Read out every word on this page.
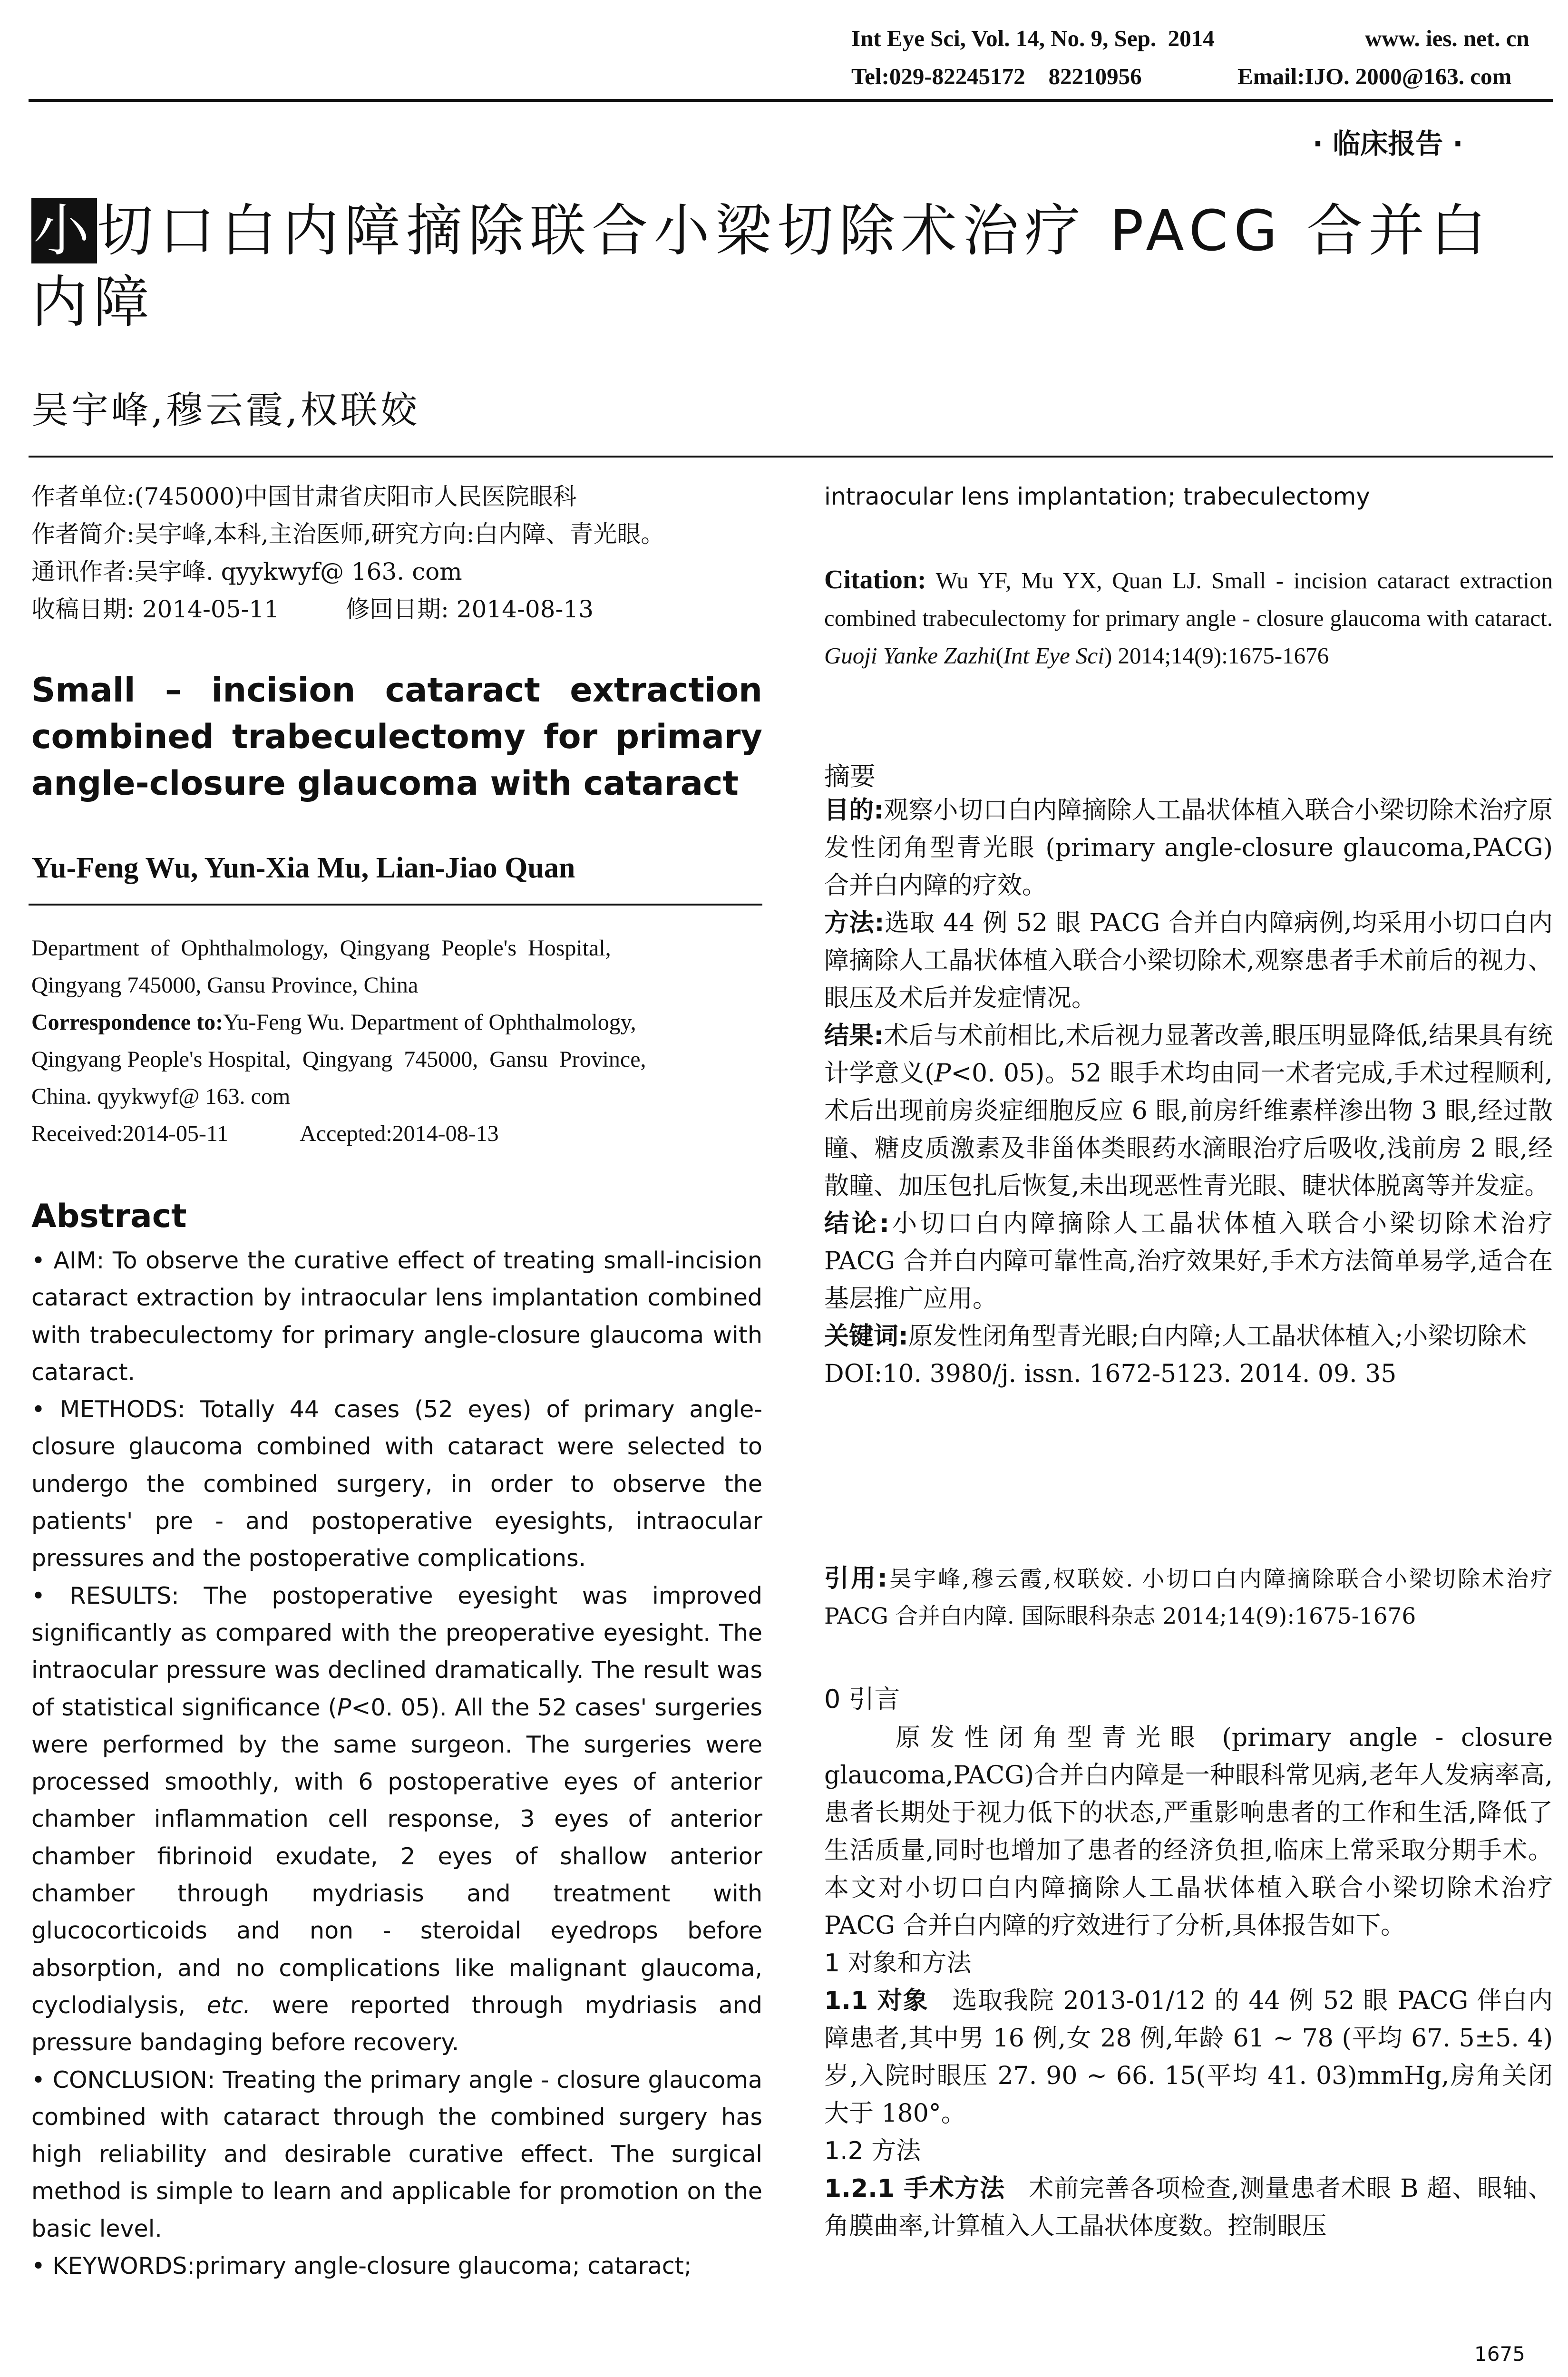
Int Eye Sci, Vol. 14, No. 9, Sep.  2014	www. ies. net. cn
Tel:029-82245172    82210956	Email:IJO. 2000@163. com
· 临床报告 ·
小切口白内障摘除联合小梁切除术治疗 PACG 合并白内障
吴宇峰,穆云霞,权联姣
作者单位:(745000)中国甘肃省庆阳市人民医院眼科
作者简介:吴宇峰,本科,主治医师,研究方向:白内障、青光眼。
通讯作者:吴宇峰. qyykwyf@ 163. com
收稿日期: 2014-05-11	修回日期: 2014-08-13
Small – incision cataract extraction
combined trabeculectomy for primary
angle-closure glaucoma with cataract
Yu-Feng Wu, Yun-Xia Mu, Lian-Jiao Quan
Department  of  Ophthalmology,  Qingyang  People's  Hospital,
Qingyang 745000, Gansu Province, China
Correspondence to:Yu-Feng Wu. Department of Ophthalmology,
Qingyang People's Hospital,  Qingyang  745000,  Gansu  Province,
China. qyykwyf@ 163. com
Received:2014-05-11	Accepted:2014-08-13
Abstract

• AIM: To observe the curative effect of treating small-incision cataract extraction by intraocular lens implantation combined with trabeculectomy for primary angle-closure glaucoma with cataract.

• METHODS: Totally 44 cases (52 eyes) of primary angle-closure glaucoma combined with cataract were selected to undergo the combined surgery, in order to observe the patients' pre - and postoperative eyesights, intraocular pressures and the postoperative complications.

• RESULTS: The postoperative eyesight was improved significantly as compared with the preoperative eyesight. The intraocular pressure was declined dramatically. The result was of statistical significance (P<0. 05). All the 52 cases' surgeries were performed by the same surgeon. The surgeries were processed smoothly, with 6 postoperative eyes of anterior chamber inflammation cell response, 3 eyes of anterior chamber fibrinoid exudate, 2 eyes of shallow anterior chamber through mydriasis and treatment with glucocorticoids and non - steroidal eyedrops before absorption, and no complications like malignant glaucoma, cyclodialysis, etc. were reported through mydriasis and pressure bandaging before recovery.

• CONCLUSION: Treating the primary angle - closure glaucoma combined with cataract through the combined surgery has high reliability and desirable curative effect. The surgical method is simple to learn and applicable for promotion on the basic level.

• KEYWORDS:primary angle-closure glaucoma; cataract;

intraocular lens implantation; trabeculectomy

Citation: Wu YF, Mu YX, Quan LJ. Small - incision cataract extraction combined trabeculectomy for primary angle - closure glaucoma with cataract. Guoji Yanke Zazhi(Int Eye Sci) 2014;14(9):1675-1676

摘要

目的:观察小切口白内障摘除人工晶状体植入联合小梁切除术治疗原发性闭角型青光眼 (primary angle-closure glaucoma,PACG)合并白内障的疗效。

方法:选取 44 例 52 眼 PACG 合并白内障病例,均采用小切口白内障摘除人工晶状体植入联合小梁切除术,观察患者手术前后的视力、眼压及术后并发症情况。

结果:术后与术前相比,术后视力显著改善,眼压明显降低,结果具有统计学意义(P<0. 05)。52 眼手术均由同一术者完成,手术过程顺利,术后出现前房炎症细胞反应 6 眼,前房纤维素样渗出物 3 眼,经过散瞳、糖皮质激素及非甾体类眼药水滴眼治疗后吸收,浅前房 2 眼,经散瞳、加压包扎后恢复,未出现恶性青光眼、睫状体脱离等并发症。

结论:小切口白内障摘除人工晶状体植入联合小梁切除术治疗 PACG 合并白内障可靠性高,治疗效果好,手术方法简单易学,适合在基层推广应用。

关键词:原发性闭角型青光眼;白内障;人工晶状体植入;小梁切除术

DOI:10. 3980/j. issn. 1672-5123. 2014. 09. 35

引用:吴宇峰,穆云霞,权联姣. 小切口白内障摘除联合小梁切除术治疗 PACG 合并白内障. 国际眼科杂志 2014;14(9):1675-1676

0 引言

原发性闭角型青光眼 (primary angle - closure glaucoma,PACG)合并白内障是一种眼科常见病,老年人发病率高,患者长期处于视力低下的状态,严重影响患者的工作和生活,降低了生活质量,同时也增加了患者的经济负担,临床上常采取分期手术。本文对小切口白内障摘除人工晶状体植入联合小梁切除术治疗 PACG 合并白内障的疗效进行了分析,具体报告如下。

1 对象和方法

1.1 对象 选取我院 2013-01/12 的 44 例 52 眼 PACG 伴白内障患者,其中男 16 例,女 28 例,年龄 61 ~ 78 (平均 67. 5±5. 4)岁,入院时眼压 27. 90 ~ 66. 15(平均 41. 03)mmHg,房角关闭大于 180°。

1.2 方法

1.2.1 手术方法 术前完善各项检查,测量患者术眼 B 超、眼轴、角膜曲率,计算植入人工晶状体度数。控制眼压

1675
